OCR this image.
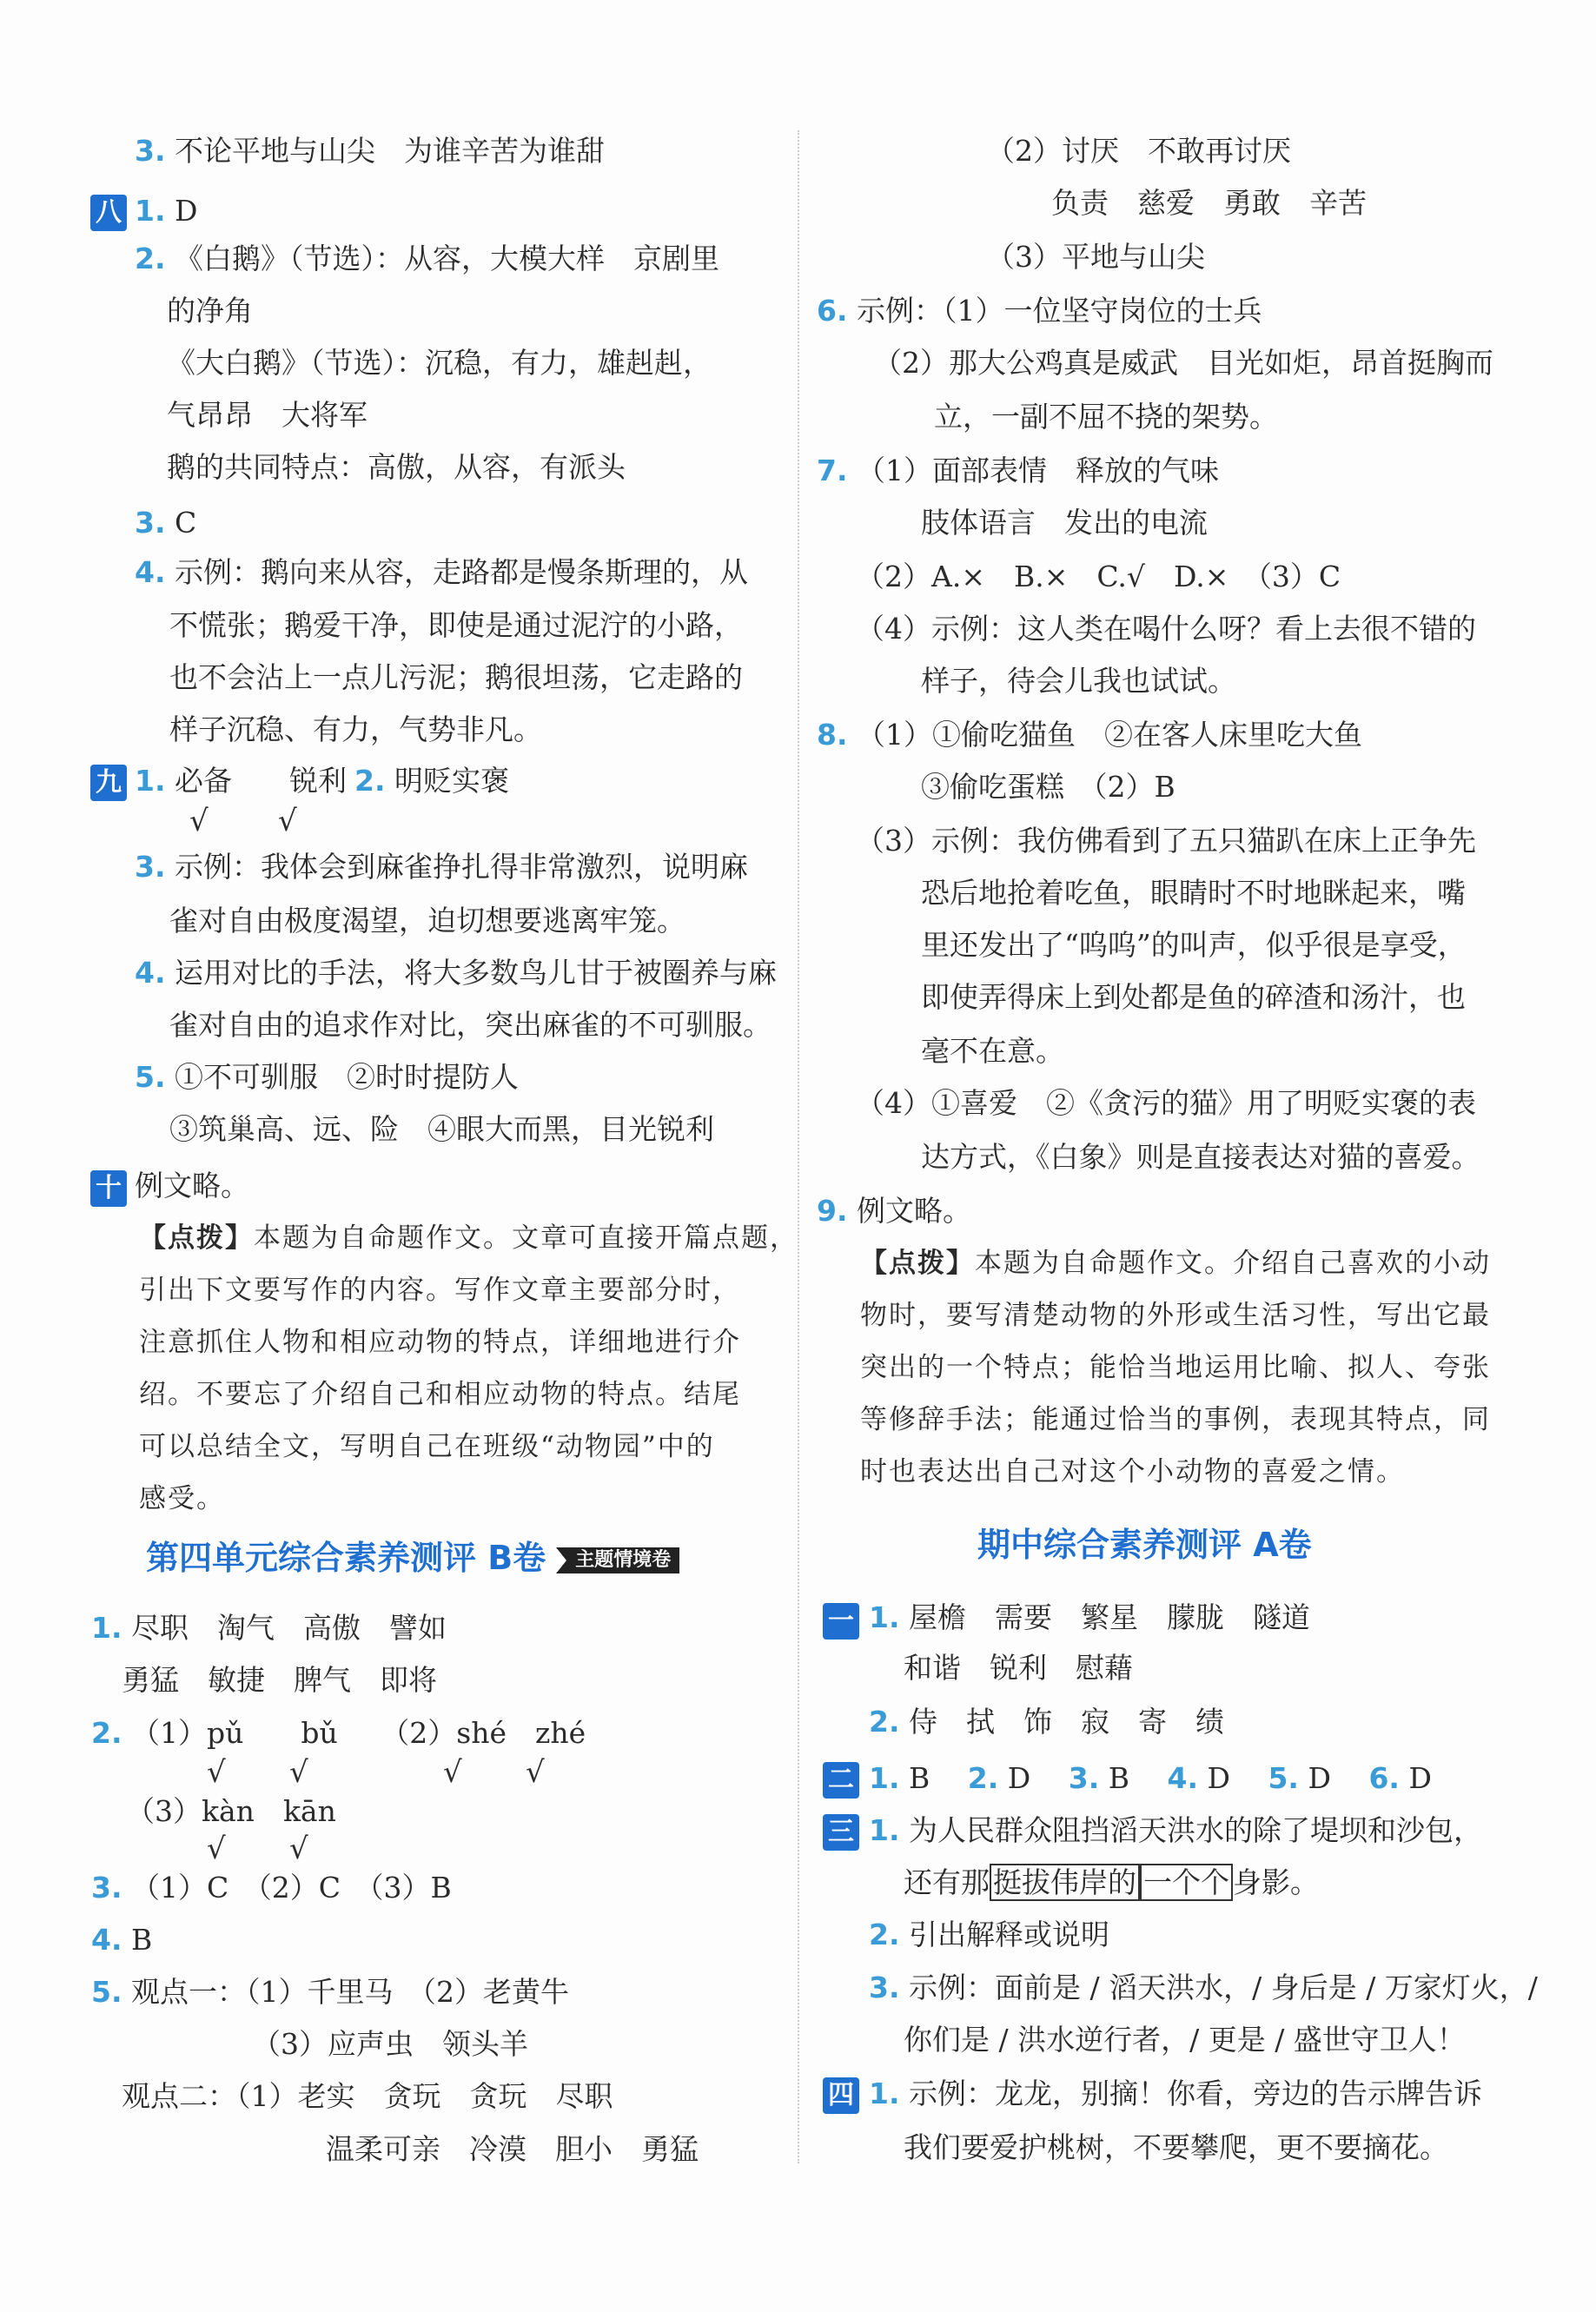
3. 不论平地与山尖　为谁辛苦为谁甜
八 1. D
2. 《白鹅》（节选）：从容，大模大样　京剧里
的净角
《大白鹅》（节选）：沉稳，有力，雄赳赳，
气昂昂　大将军
鹅的共同特点：高傲，从容，有派头
3. C
4. 示例：鹅向来从容，走路都是慢条斯理的，从
不慌张；鹅爱干净，即使是通过泥泞的小路，
也不会沾上一点儿污泥；鹅很坦荡，它走路的
样子沉稳、有力，气势非凡。
九 1. 必备　　 锐利 2. 明贬实褒
√ √
3. 示例：我体会到麻雀挣扎得非常激烈，说明麻
雀对自由极度渴望，迫切想要逃离牢笼。
4. 运用对比的手法，将大多数鸟儿甘于被圈养与麻
雀对自由的追求作对比，突出麻雀的不可驯服。
5. ①不可驯服　②时时提防人
③筑巢高、远、险　④眼大而黑，目光锐利
十 例文略。
【点拨】本题为自命题作文。文章可直接开篇点题，
引出下文要写作的内容。写作文章主要部分时，
注意抓住人物和相应动物的特点，详细地进行介
绍。不要忘了介绍自己和相应动物的特点。结尾
可以总结全文，写明自己在班级“动物园”中的
感受。
第四单元综合素养测评 B卷 主题情境卷
1. 尽职　淘气　高傲　譬如
勇猛　敏捷　脾气　即将
2. （1）pǔ　　 bǔ　　 （2）shé　 zhé
√ √	√ √
（3）kàn　 kān
√ √
3. （1）C　（2）C　（3）B
4. B
5. 观点一：（1）千里马　（2）老黄牛
（3）应声虫　领头羊
观点二：（1）老实　贪玩　贪玩　尽职
温柔可亲　冷漠　胆小　勇猛
（2）讨厌　不敢再讨厌
负责　慈爱　勇敢　辛苦
（3）平地与山尖
6. 示例：（1）一位坚守岗位的士兵
（2）那大公鸡真是威武　目光如炬，昂首挺胸而
立，一副不屈不挠的架势。
7. （1）面部表情　释放的气味
肢体语言　发出的电流
（2）A.×　B.×　C.√　D.×　（3）C
（4）示例：这人类在喝什么呀？看上去很不错的
样子，待会儿我也试试。
8. （1）①偷吃猫鱼　②在客人床里吃大鱼
③偷吃蛋糕　（2）B
（3）示例：我仿佛看到了五只猫趴在床上正争先
恐后地抢着吃鱼，眼睛时不时地眯起来，嘴
里还发出了“呜呜”的叫声，似乎很是享受，
即使弄得床上到处都是鱼的碎渣和汤汁，也
毫不在意。
（4）①喜爱　②《贪污的猫》用了明贬实褒的表
达方式，《白象》则是直接表达对猫的喜爱。
9. 例文略。
【点拨】本题为自命题作文。介绍自己喜欢的小动
物时，要写清楚动物的外形或生活习性，写出它最
突出的一个特点；能恰当地运用比喻、拟人、夸张
等修辞手法；能通过恰当的事例，表现其特点，同
时也表达出自己对这个小动物的喜爱之情。
期中综合素养测评 A卷
一 1. 屋檐　需要　繁星　朦胧　隧道
和谐　锐利　慰藉
2. 侍　拭　饰　寂　寄　绩
二 1. B　 2. D　 3. B　 4. D　 5. D　 6. D
三 1. 为人民群众阻挡滔天洪水的除了堤坝和沙包，
还有那 挺拔伟岸的 一个个 身影。
2. 引出解释或说明
3. 示例：面前是 / 滔天洪水，/ 身后是 / 万家灯火，/
你们是 / 洪水逆行者，/ 更是 / 盛世守卫人！
四 1. 示例：龙龙，别摘！你看，旁边的告示牌告诉
我们要爱护桃树，不要攀爬，更不要摘花。
